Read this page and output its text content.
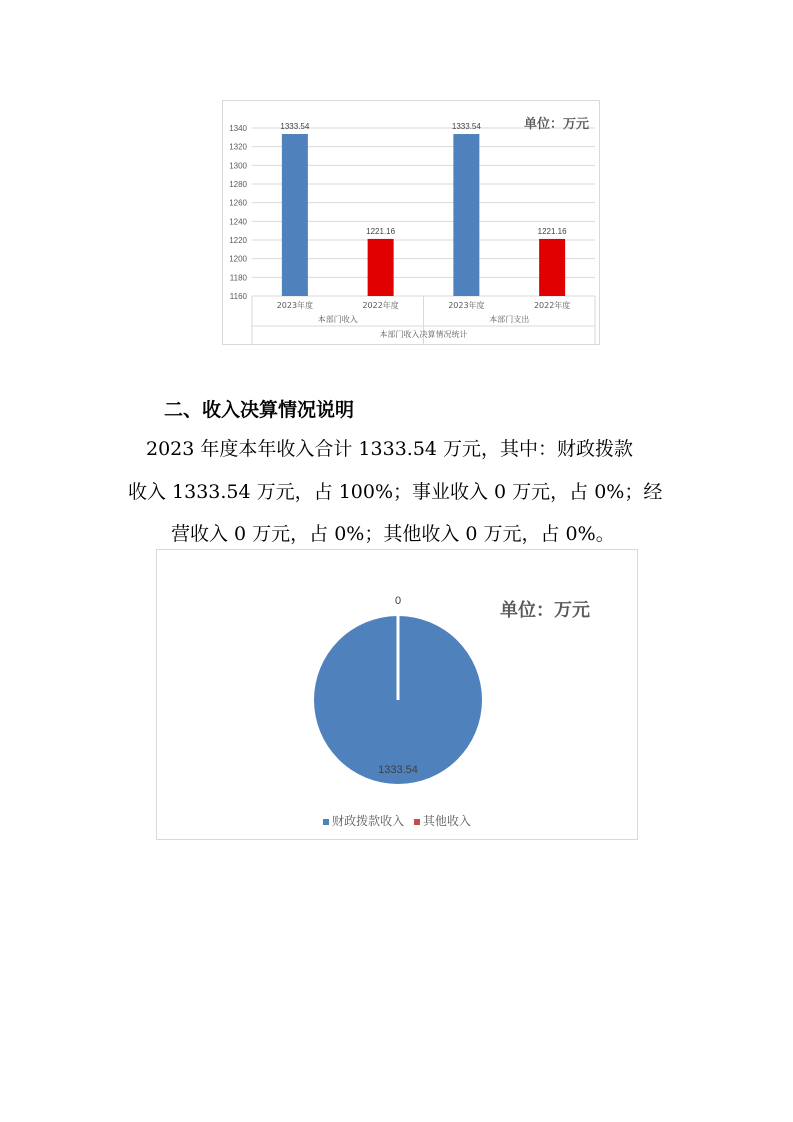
1160
1180
1200
1220
1240
1260
1280
1300
1320
1340	1333.54
2023年度
1221.16
2022年度
1333.54
2023年度
1221.16
2022年度
本部门收入	本部门支出
本部门收入决算情况统计
单位：万元
二、收入决算情况说明
2023 年度本年收入合计 1333.54 万元，其中：财政拨款
收入 1333.54 万元，占 100%；事业收入 0 万元，占 0%；经
营收入 0 万元，占 0%；其他收入 0 万元，占 0%。
1333.54
0	单位：万元
财政拨款收入 其他收入
